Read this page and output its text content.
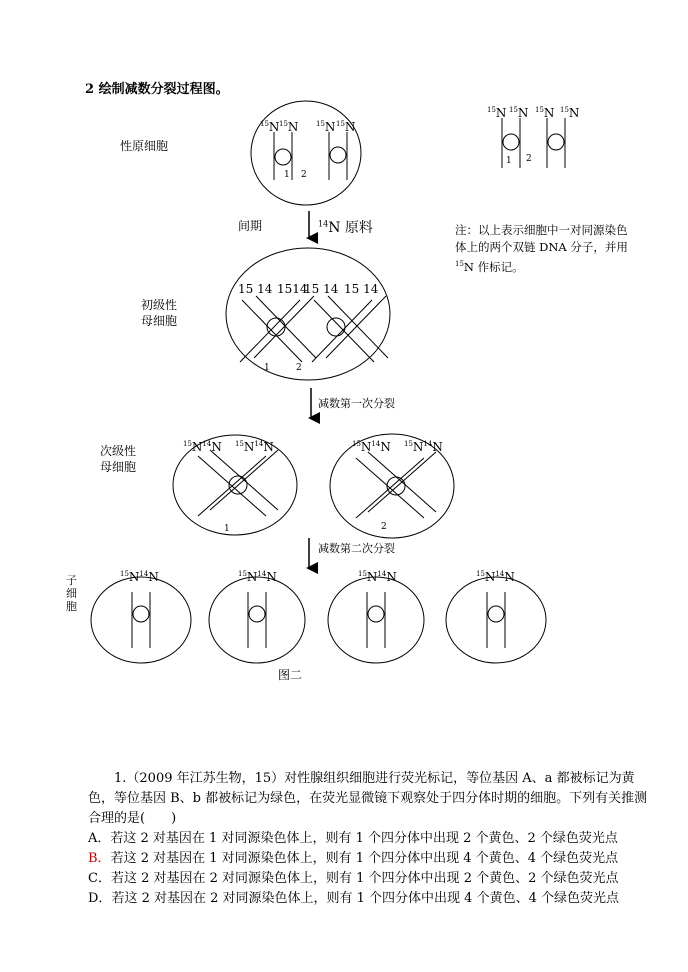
2 绘制减数分裂过程图。
性原细胞
间期	$^{14}$N 原料
初级性
母细胞
减数第一次分裂
次级性
母细胞
减数第二次分裂
子细胞
图二
注：以上表示细胞中一对同源染色
体上的两个双链 DNA 分子，并用
$^{15}$N 作标记。
$^{15}$N $^{15}$N	$^{15}$N $^{15}$N
1 2
$^{15}$N $^{15}$N $^{15}$N $^{15}$N
1 2
15 14 1514
15 14 15 14
1	2
$^{15}N^{14}N$ $^{15}N^{14}N$
1
$^{15}N^{14}N$ $^{15}N^{14}N$
2
$^{15}N^{14}N$	$^{15}N^{14}N$	$^{15}N^{14}N$	$^{15}N^{14}N$
1.（2009 年江苏生物，15）对性腺组织细胞进行荧光标记，等位基因 A、a 都被标记为黄色，等位基因 B、b 都被标记为绿色，在荧光显微镜下观察处于四分体时期的细胞。下列有关推测合理的是(　　)
A．若这 2 对基因在 1 对同源染色体上，则有 1 个四分体中出现 2 个黄色、2 个绿色荧光点
B．若这 2 对基因在 1 对同源染色体上，则有 1 个四分体中出现 4 个黄色、4 个绿色荧光点
C．若这 2 对基因在 2 对同源染色体上，则有 1 个四分体中出现 2 个黄色、2 个绿色荧光点
D．若这 2 对基因在 2 对同源染色体上，则有 1 个四分体中出现 4 个黄色、4 个绿色荧光点
